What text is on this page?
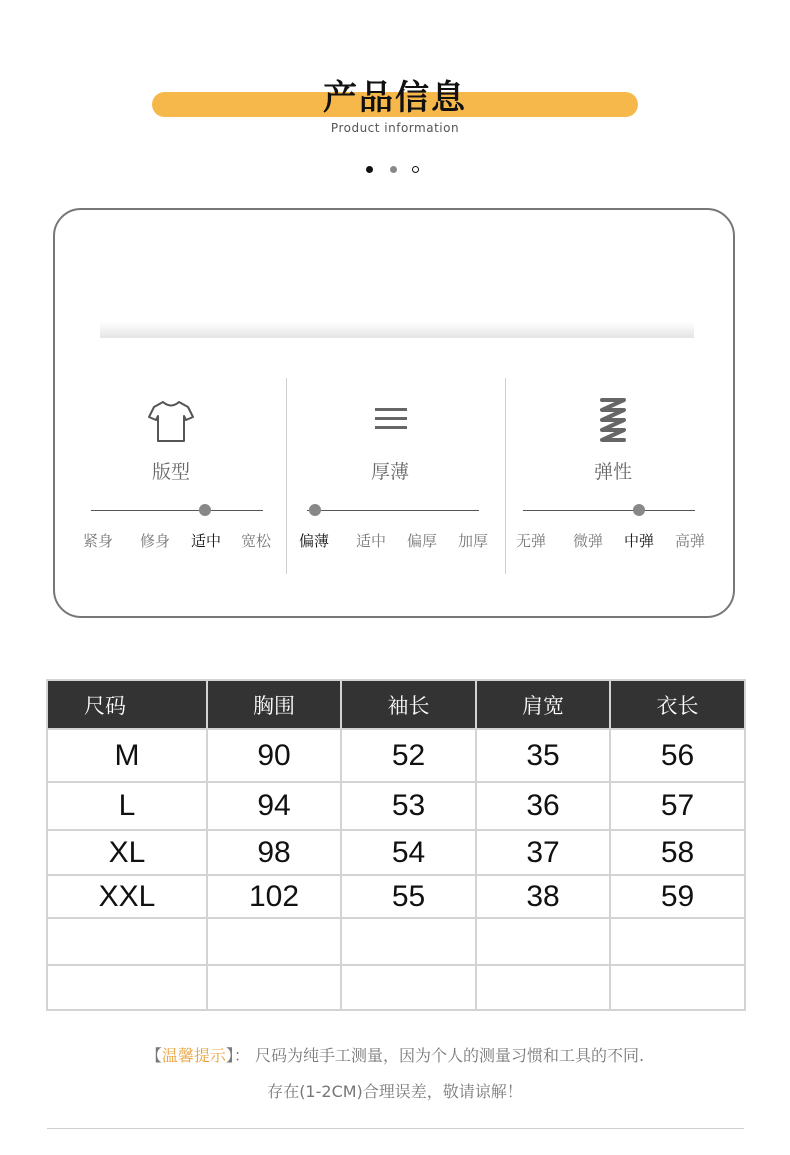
产品信息
Product information
版型
紧身	修身	适中	宽松
厚薄
偏薄	适中	偏厚	加厚
弹性
无弹	微弹	中弹	高弹
尺码	胸围	袖长	肩宽	衣长
M	90	52	35	56
L	94	53	36	57
XL	98	54	37	58
XXL	102	55	38	59

【温馨提示】： 尺码为纯手工测量，因为个人的测量习惯和工具的不同.
存在(1-2CM)合理误差，敬请谅解！
